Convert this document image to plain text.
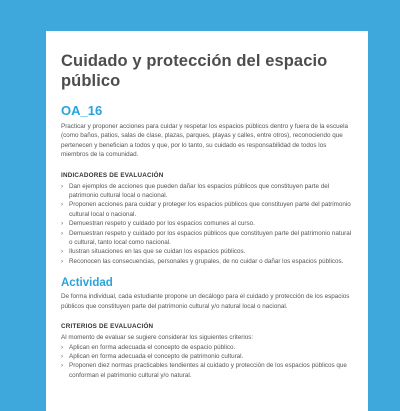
Cuidado y protección del espacio
público
OA_16

Practicar y proponer acciones para cuidar y respetar los espacios públicos dentro y fuera de la escuela (como baños, patios, salas de clase, plazas, parques, playas y calles, entre otros), reconociendo que pertenecen y benefician a todos y que, por lo tanto, su cuidado es responsabilidad de todos los miembros de la comunidad.

INDICADORES DE EVALUACIÓN
› Dan ejemplos de acciones que pueden dañar los espacios públicos que constituyen parte del patrimonio cultural local o nacional.
› Proponen acciones para cuidar y proteger los espacios públicos que constituyen parte del patrimonio cultural local o nacional.
› Demuestran respeto y cuidado por los espacios comunes al curso.
› Demuestran respeto y cuidado por los espacios públicos que constituyen parte del patrimonio natural o cultural, tanto local como nacional.
› Ilustran situaciones en las que se cuidan los espacios públicos.
› Reconocen las consecuencias, personales y grupales, de no cuidar o dañar los espacios públicos.
Actividad

De forma individual, cada estudiante propone un decálogo para el cuidado y protección de los espacios públicos que constituyen parte del patrimonio cultural y/o natural local o nacional.

CRITERIOS DE EVALUACIÓN

Al momento de evaluar se sugiere considerar los siguientes criterios:

› Aplican en forma adecuada el concepto de espacio público.
› Aplican en forma adecuada el concepto de patrimonio cultural.
› Proponen diez normas practicables tendientes al cuidado y protección de los espacios públicos que conforman el patrimonio cultural y/o natural.
